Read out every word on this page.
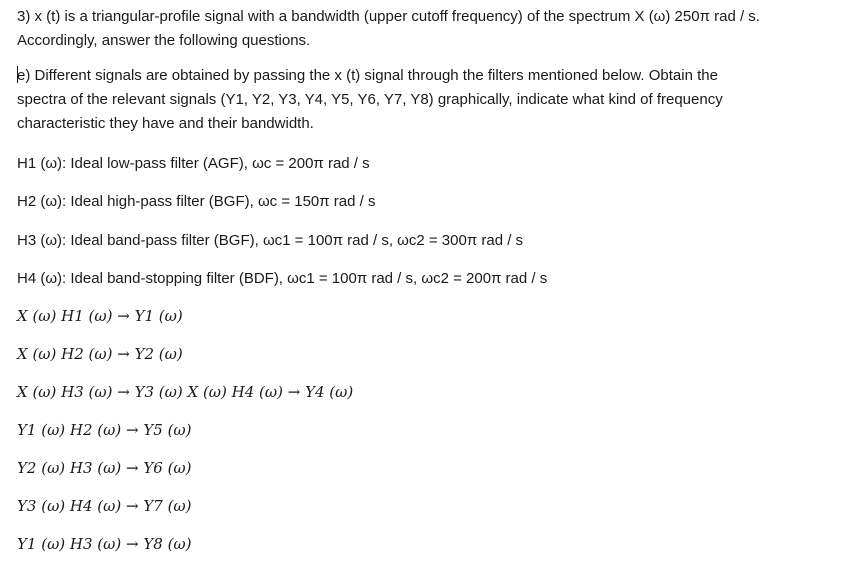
3) x (t) is a triangular-profile signal with a bandwidth (upper cutoff frequency) of the spectrum X (ω) 250π rad / s.

Accordingly, answer the following questions.

e) Different signals are obtained by passing the x (t) signal through the filters mentioned below. Obtain the

spectra of the relevant signals (Y1, Y2, Y3, Y4, Y5, Y6, Y7, Y8) graphically, indicate what kind of frequency

characteristic they have and their bandwidth.

H1 (ω): Ideal low-pass filter (AGF), ωc = 200π rad / s

H2 (ω): Ideal high-pass filter (BGF), ωc = 150π rad / s

H3 (ω): Ideal band-pass filter (BGF), ωc1 = 100π rad / s, ωc2 = 300π rad / s

H4 (ω): Ideal band-stopping filter (BDF), ωc1 = 100π rad / s, ωc2 = 200π rad / s

X (ω) H1 (ω) → Y1 (ω)
X (ω) H2 (ω) → Y2 (ω)
X (ω) H3 (ω) → Y3 (ω) X (ω) H4 (ω) → Y4 (ω)
Y1 (ω) H2 (ω) → Y5 (ω)
Y2 (ω) H3 (ω) → Y6 (ω)
Y3 (ω) H4 (ω) → Y7 (ω)
Y1 (ω) H3 (ω) → Y8 (ω)
